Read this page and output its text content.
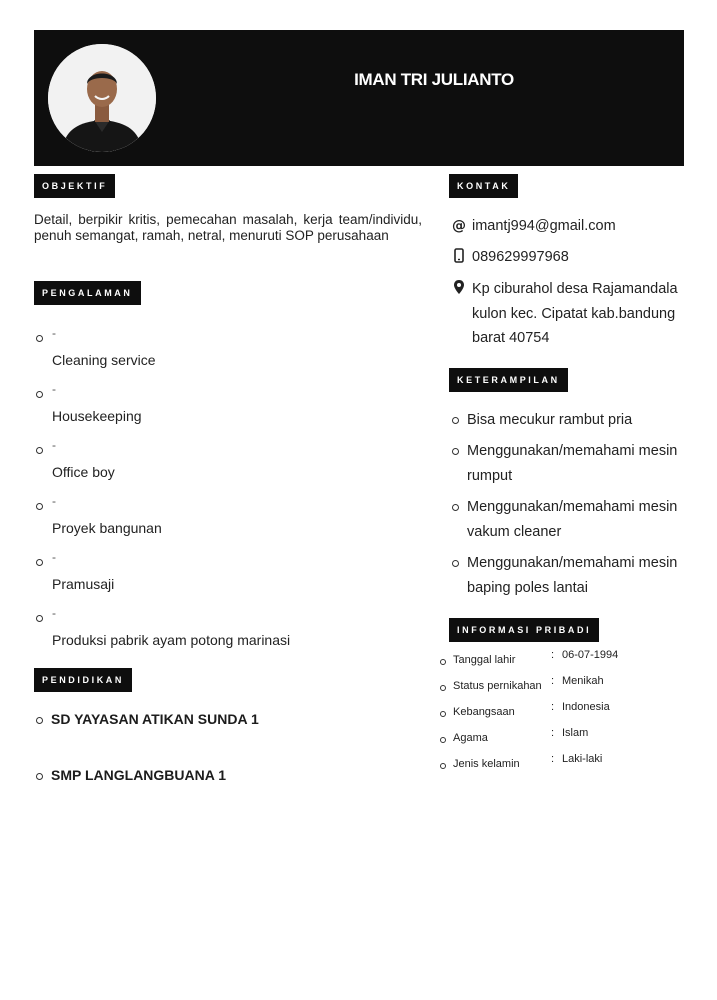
IMAN TRI JULIANTO
OBJEKTIF
Detail, berpikir kritis, pemecahan masalah, kerja team/individu, penuh semangat, ramah, netral, menuruti SOP perusahaan
PENGALAMAN
-
Cleaning service
-
Housekeeping
-
Office boy
-
Proyek bangunan
-
Pramusaji
-
Produksi pabrik ayam potong marinasi
PENDIDIKAN
SD YAYASAN ATIKAN SUNDA 1
SMP LANGLANGBUANA 1
KONTAK
@ imantj994@gmail.com
089629997968
Kp ciburahol desa Rajamandala kulon kec. Cipatat kab.bandung barat 40754
KETERAMPILAN
Bisa mecukur rambut pria
Menggunakan/memahami mesin rumput
Menggunakan/memahami mesin vakum cleaner
Menggunakan/memahami mesin baping poles lantai
INFORMASI PRIBADI
Tanggal lahir	: 06-07-1994
Status pernikahan : Menikah
Kebangsaan	: Indonesia
Agama	: Islam
Jenis kelamin	: Laki-laki
